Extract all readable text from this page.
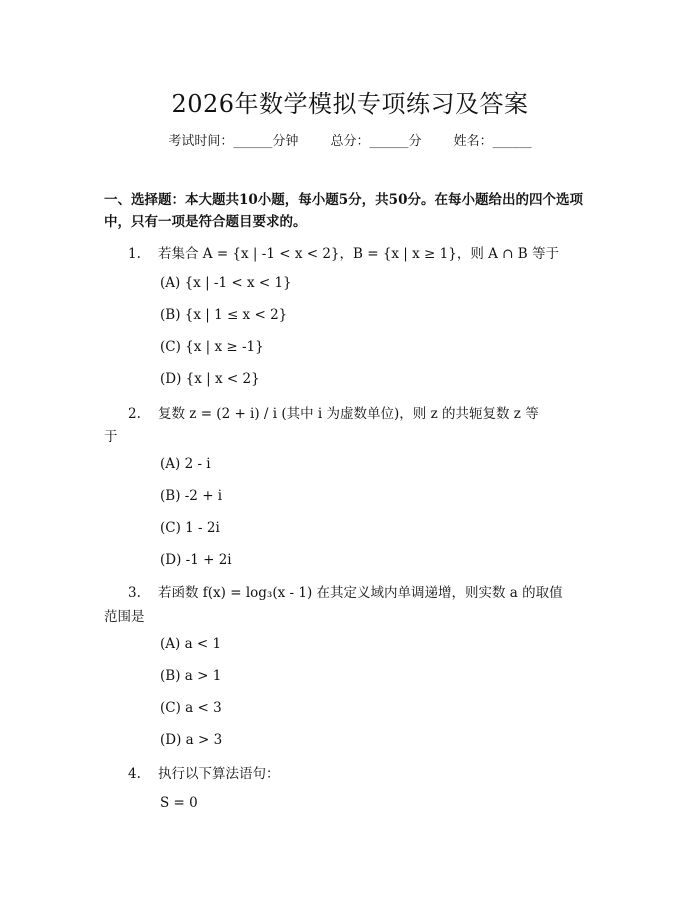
2026年数学模拟专项练习及答案
考试时间：______分钟 总分：______分 姓名：______
一、选择题：本大题共10小题，每小题5分，共50分。在每小题给出的四个选项中，只有一项是符合题目要求的。
1.	若集合 A = {x | -1 < x < 2}，B = {x | x ≥ 1}，则 A ∩ B 等于
(A) {x | -1 < x < 1}
(B) {x | 1 ≤ x < 2}
(C) {x | x ≥ -1}
(D) {x | x < 2}
2.	复数 z = (2 + i) / i (其中 i 为虚数单位)，则 z 的共轭复数 z 等
于
(A) 2 - i
(B) -2 + i
(C) 1 - 2i
(D) -1 + 2i
3.	若函数 f(x) = log₃(x - 1) 在其定义域内单调递增，则实数 a 的取值
范围是
(A) a < 1
(B) a > 1
(C) a < 3
(D) a > 3
4.	执行以下算法语句：
S = 0
